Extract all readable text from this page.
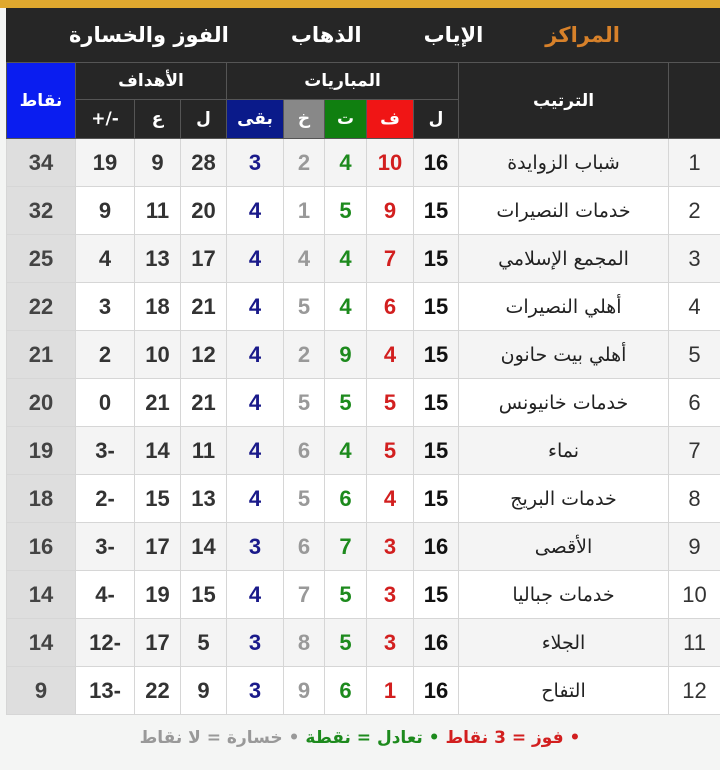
المراكز
الإياب
الذهاب
الفوز والخسارة
نقاط	الأهداف			المباريات					الترتيب	
	+/-	ع	ل	بقى	خ	ت	ف	ل		
34	19	9	28	3	2	4	10	16	شباب الزوايدة	1
32	9	11	20	4	1	5	9	15	خدمات النصيرات	2
25	4	13	17	4	4	4	7	15	المجمع الإسلامي	3
22	3	18	21	4	5	4	6	15	أهلي النصيرات	4
21	2	10	12	4	2	9	4	15	أهلي بيت حانون	5
20	0	21	21	4	5	5	5	15	خدمات خانيونس	6
19	3-	14	11	4	6	4	5	15	نماء	7
18	2-	15	13	4	5	6	4	15	خدمات البريج	8
16	3-	17	14	3	6	7	3	16	الأقصى	9
14	4-	19	15	4	7	5	3	15	خدمات جباليا	10
14	12-	17	5	3	8	5	3	16	الجلاء	11
9	13-	22	9	3	9	6	1	16	التفاح	12
• فوز = 3 نقاط • تعادل = نقطة • خسارة = لا نقاط
